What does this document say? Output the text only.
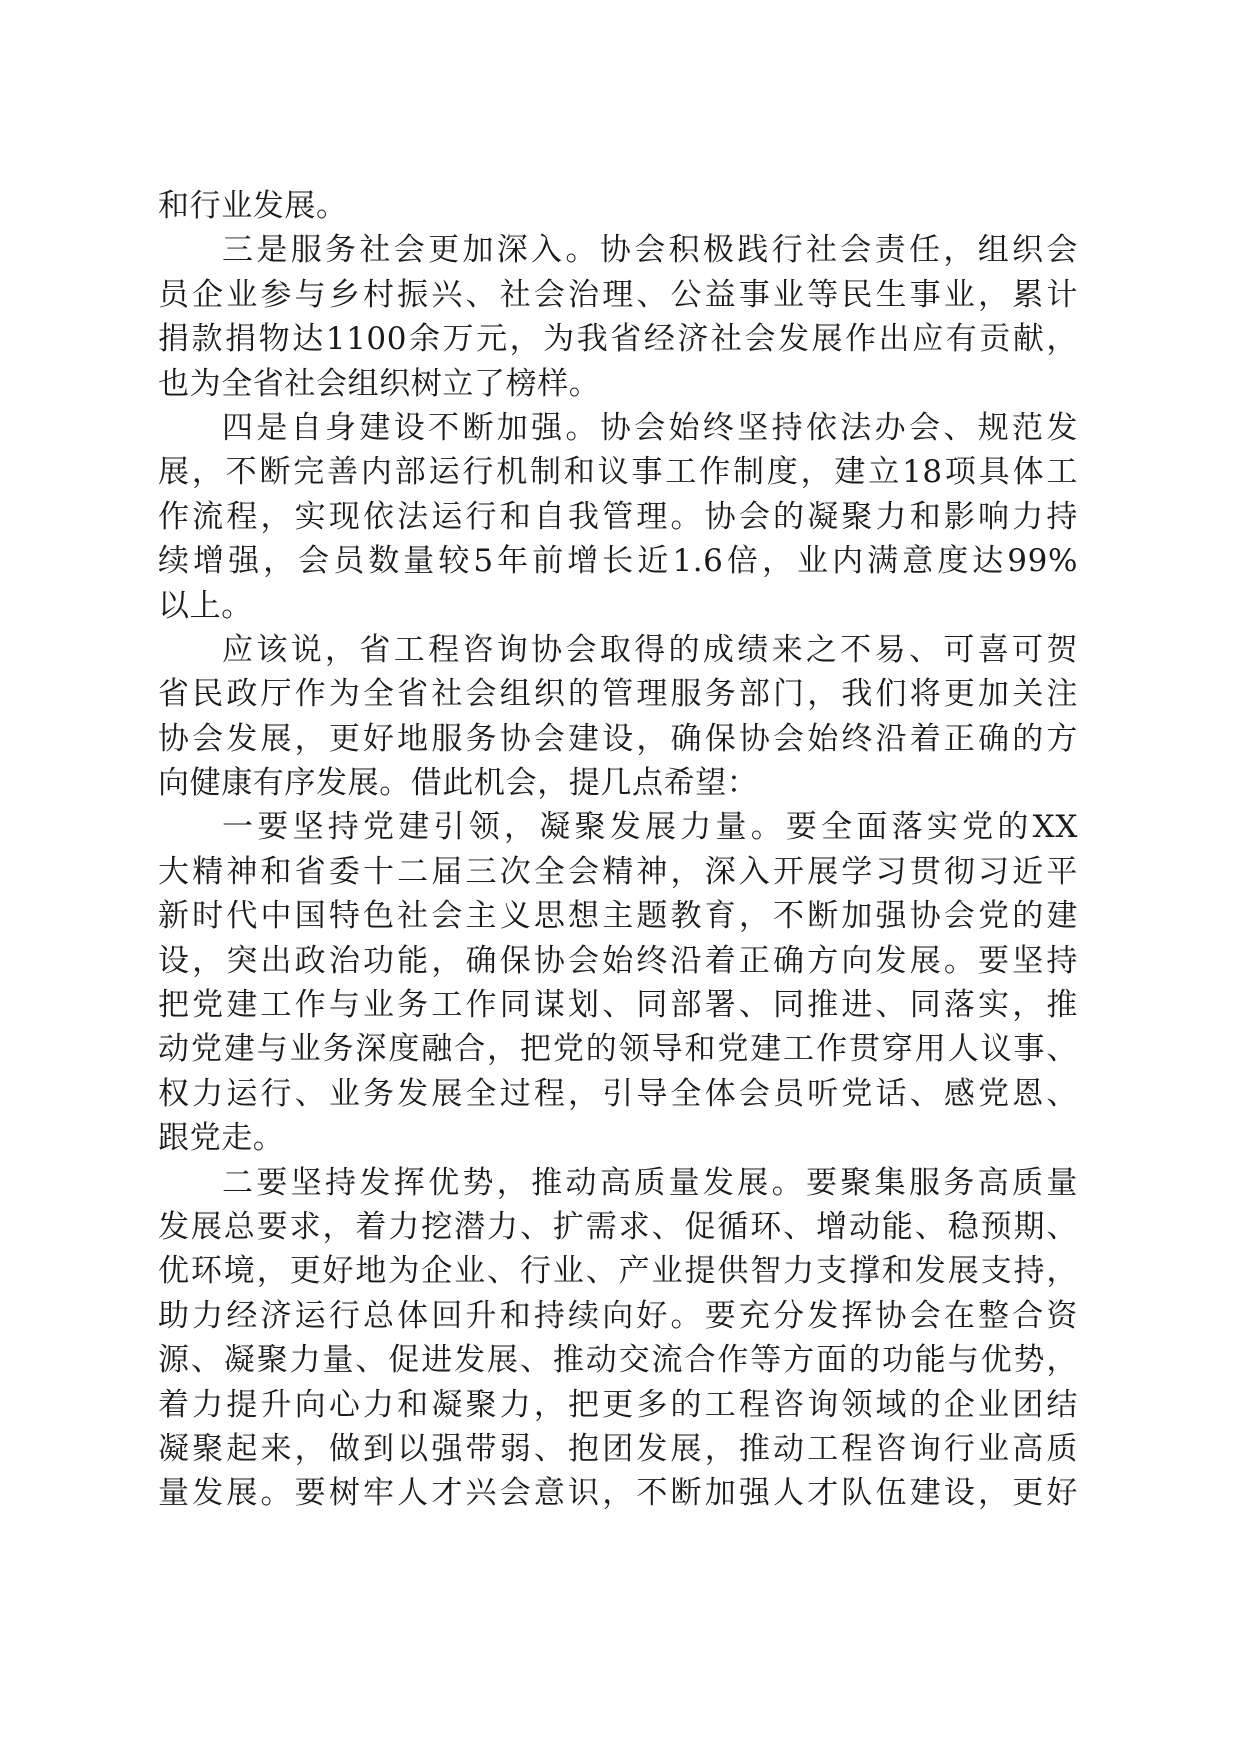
和行业发展。
三是服务社会更加深入。协会积极践行社会责任，组织会
员企业参与乡村振兴、社会治理、公益事业等民生事业，累计
捐款捐物达1100余万元，为我省经济社会发展作出应有贡献，
也为全省社会组织树立了榜样。
四是自身建设不断加强。协会始终坚持依法办会、规范发
展，不断完善内部运行机制和议事工作制度，建立18项具体工
作流程，实现依法运行和自我管理。协会的凝聚力和影响力持
续增强，会员数量较5年前增长近1.6倍，业内满意度达99%
以上。
应该说，省工程咨询协会取得的成绩来之不易、可喜可贺
省民政厅作为全省社会组织的管理服务部门，我们将更加关注
协会发展，更好地服务协会建设，确保协会始终沿着正确的方
向健康有序发展。借此机会，提几点希望：
一要坚持党建引领，凝聚发展力量。要全面落实党的XX
大精神和省委十二届三次全会精神，深入开展学习贯彻习近平
新时代中国特色社会主义思想主题教育，不断加强协会党的建
设，突出政治功能，确保协会始终沿着正确方向发展。要坚持
把党建工作与业务工作同谋划、同部署、同推进、同落实，推
动党建与业务深度融合，把党的领导和党建工作贯穿用人议事、
权力运行、业务发展全过程，引导全体会员听党话、感党恩、
跟党走。
二要坚持发挥优势，推动高质量发展。要聚集服务高质量
发展总要求，着力挖潜力、扩需求、促循环、增动能、稳预期、
优环境，更好地为企业、行业、产业提供智力支撑和发展支持，
助力经济运行总体回升和持续向好。要充分发挥协会在整合资
源、凝聚力量、促进发展、推动交流合作等方面的功能与优势，
着力提升向心力和凝聚力，把更多的工程咨询领域的企业团结
凝聚起来，做到以强带弱、抱团发展，推动工程咨询行业高质
量发展。要树牢人才兴会意识，不断加强人才队伍建设，更好
